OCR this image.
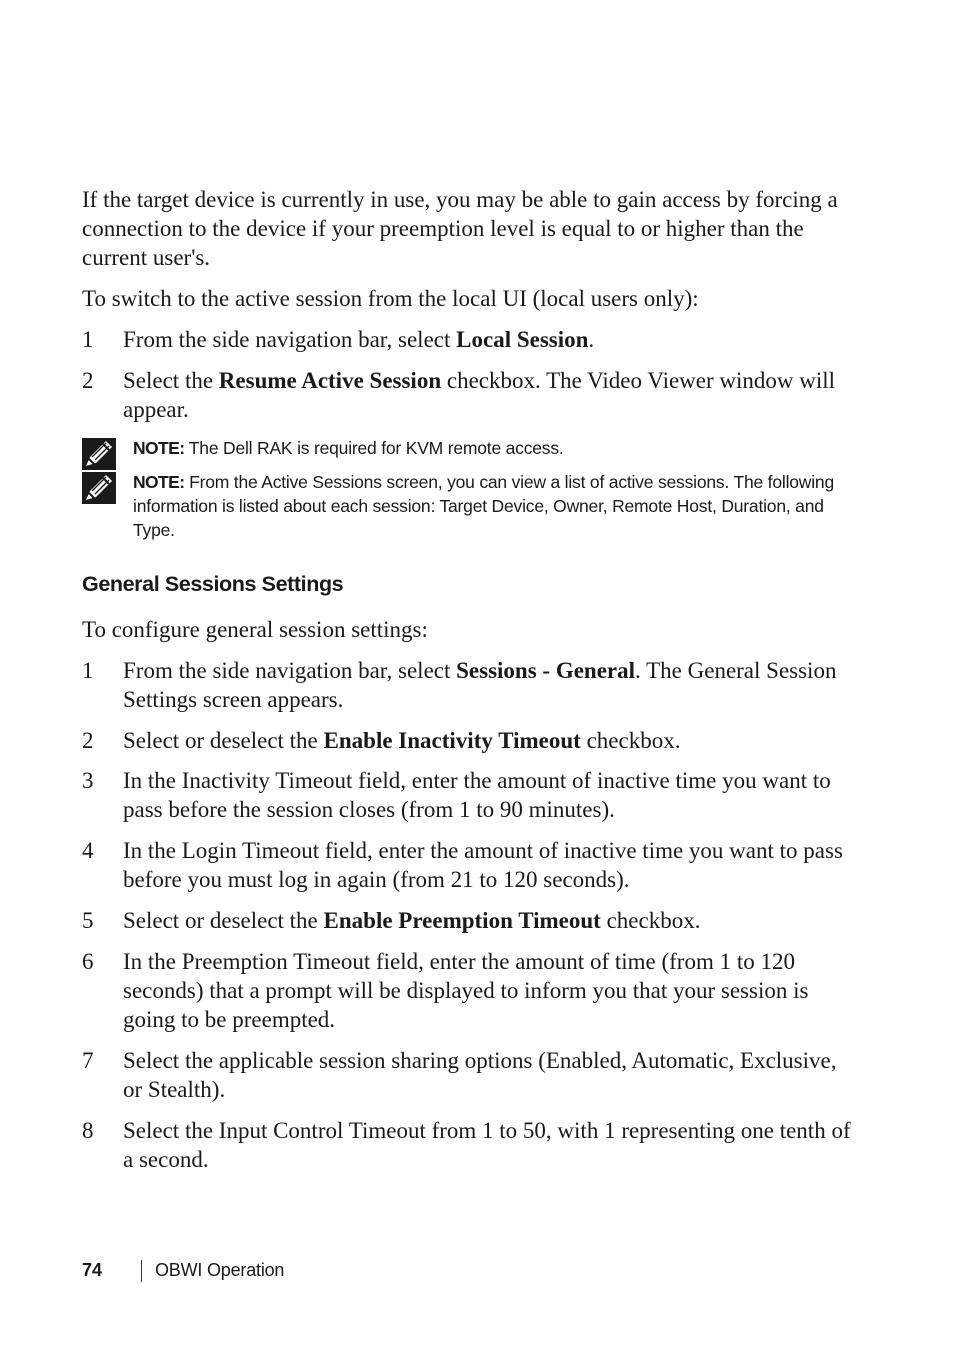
If the target device is currently in use, you may be able to gain access by forcing a connection to the device if your preemption level is equal to or higher than the current user's.

To switch to the active session from the local UI (local users only):

1 From the side navigation bar, select Local Session.
2 Select the Resume Active Session checkbox. The Video Viewer window will appear.
NOTE: The Dell RAK is required for KVM remote access.
NOTE: From the Active Sessions screen, you can view a list of active sessions. The following information is listed about each session: Target Device, Owner, Remote Host, Duration, and Type.
General Sessions Settings

To configure general session settings:

1 From the side navigation bar, select Sessions - General. The General Session Settings screen appears.
2 Select or deselect the Enable Inactivity Timeout checkbox.
3 In the Inactivity Timeout field, enter the amount of inactive time you want to pass before the session closes (from 1 to 90 minutes).
4 In the Login Timeout field, enter the amount of inactive time you want to pass before you must log in again (from 21 to 120 seconds).
5 Select or deselect the Enable Preemption Timeout checkbox.
6 In the Preemption Timeout field, enter the amount of time (from 1 to 120 seconds) that a prompt will be displayed to inform you that your session is going to be preempted.
7 Select the applicable session sharing options (Enabled, Automatic, Exclusive, or Stealth).
8 Select the Input Control Timeout from 1 to 50, with 1 representing one tenth of a second.
74	OBWI Operation
